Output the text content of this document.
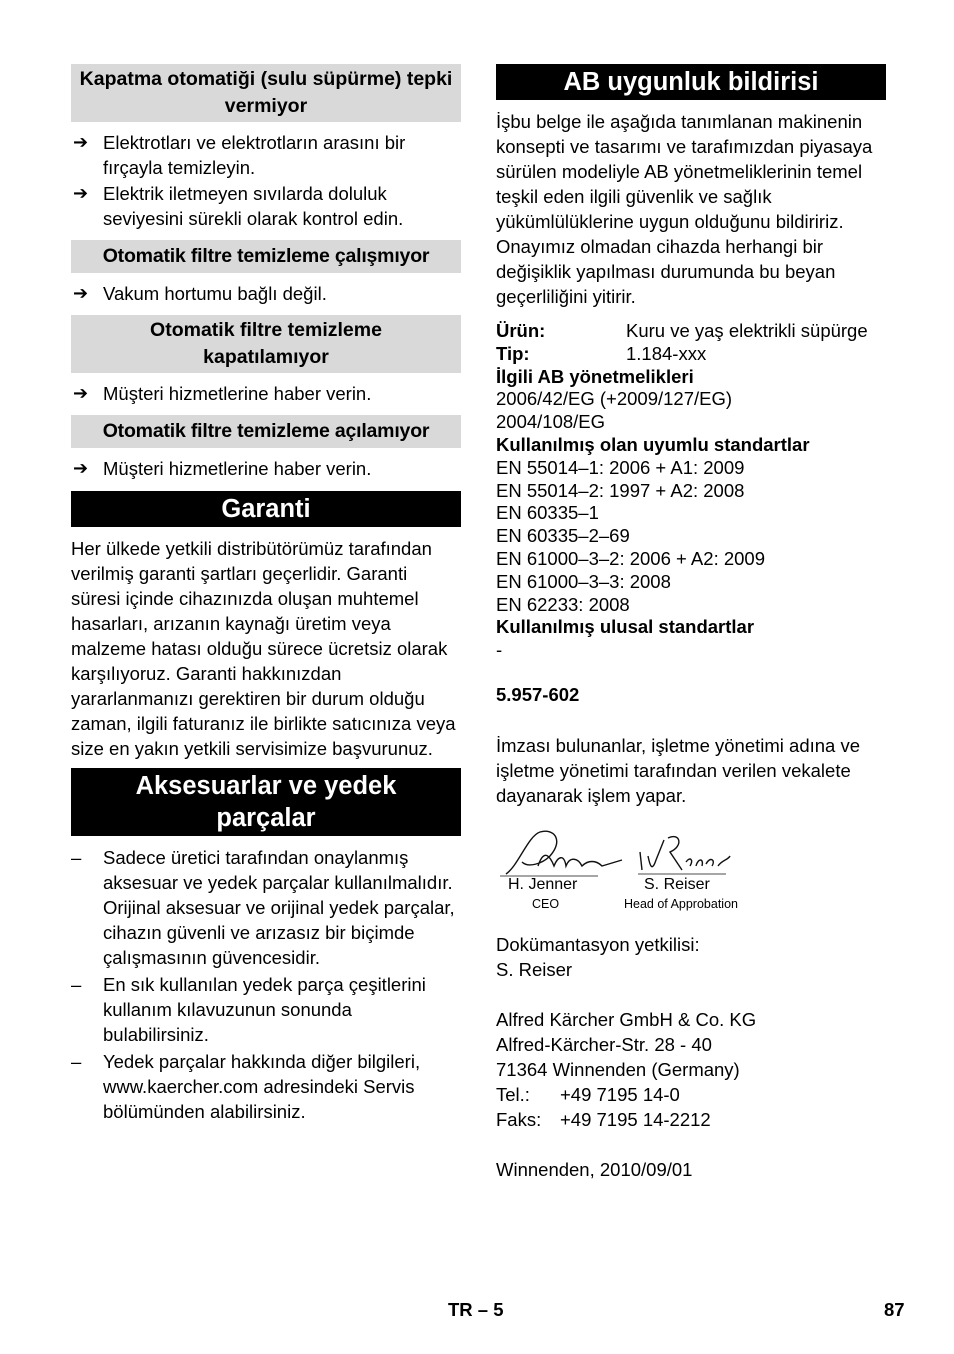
Kapatma otomatiği (sulu süpürme) tepki vermiyor
➔ Elektrotları ve elektrotların arasını bir fırçayla temizleyin.
➔ Elektrik iletmeyen sıvılarda doluluk seviyesini sürekli olarak kontrol edin.
Otomatik filtre temizleme çalışmıyor
➔ Vakum hortumu bağlı değil.
Otomatik filtre temizleme kapatılamıyor
➔ Müşteri hizmetlerine haber verin.
Otomatik filtre temizleme açılamıyor
➔ Müşteri hizmetlerine haber verin.
Garanti
Her ülkede yetkili distribütörümüz tarafından verilmiş garanti şartları geçerlidir. Garanti süresi içinde cihazınızda oluşan muhtemel hasarları, arızanın kaynağı üretim veya malzeme hatası olduğu sürece ücretsiz olarak karşılıyoruz. Garanti hakkınızdan yararlanmanızı gerektiren bir durum olduğu zaman, ilgili faturanız ile birlikte satıcınıza veya size en yakın yetkili servisimize başvurunuz.
Aksesuarlar ve yedek parçalar
– Sadece üretici tarafından onaylanmış aksesuar ve yedek parçalar kullanılmalıdır. Orijinal aksesuar ve orijinal yedek parçalar, cihazın güvenli ve arızasız bir biçimde çalışmasının güvencesidir.
– En sık kullanılan yedek parça çeşitlerini kullanım kılavuzunun sonunda bulabilirsiniz.
– Yedek parçalar hakkında diğer bilgileri, www.kaercher.com adresindeki Servis bölümünden alabilirsiniz.
AB uygunluk bildirisi
İşbu belge ile aşağıda tanımlanan makinenin konsepti ve tasarımı ve tarafımızdan piyasaya sürülen modeliyle AB yönetmeliklerinin temel teşkil eden ilgili güvenlik ve sağlık yükümlülüklerine uygun olduğunu bildiririz. Onayımız olmadan cihazda herhangi bir değişiklik yapılması durumunda bu beyan geçerliliğini yitirir.
Ürün:	Kuru ve yaş elektrikli süpürge
Tip:	1.184-xxx
İlgili AB yönetmelikleri
2006/42/EG (+2009/127/EG)
2004/108/EG
Kullanılmış olan uyumlu standartlar
EN 55014–1: 2006 + A1: 2009
EN 55014–2: 1997 + A2: 2008
EN 60335–1
EN 60335–2–69
EN 61000–3–2: 2006 + A2: 2009
EN 61000–3–3: 2008
EN 62233: 2008
Kullanılmış ulusal standartlar
-
5.957-602
İmzası bulunanlar, işletme yönetimi adına ve işletme yönetimi tarafından verilen vekalete dayanarak işlem yapar.
H. Jenner
CEO
S. Reiser
Head of Approbation
Dokümantasyon yetkilisi:
S. Reiser
Alfred Kärcher GmbH & Co. KG
Alfred-Kärcher-Str. 28 - 40
71364 Winnenden (Germany)
Tel.:	+49 7195 14-0
Faks:	+49 7195 14-2212
Winnenden, 2010/09/01
TR – 5	87
